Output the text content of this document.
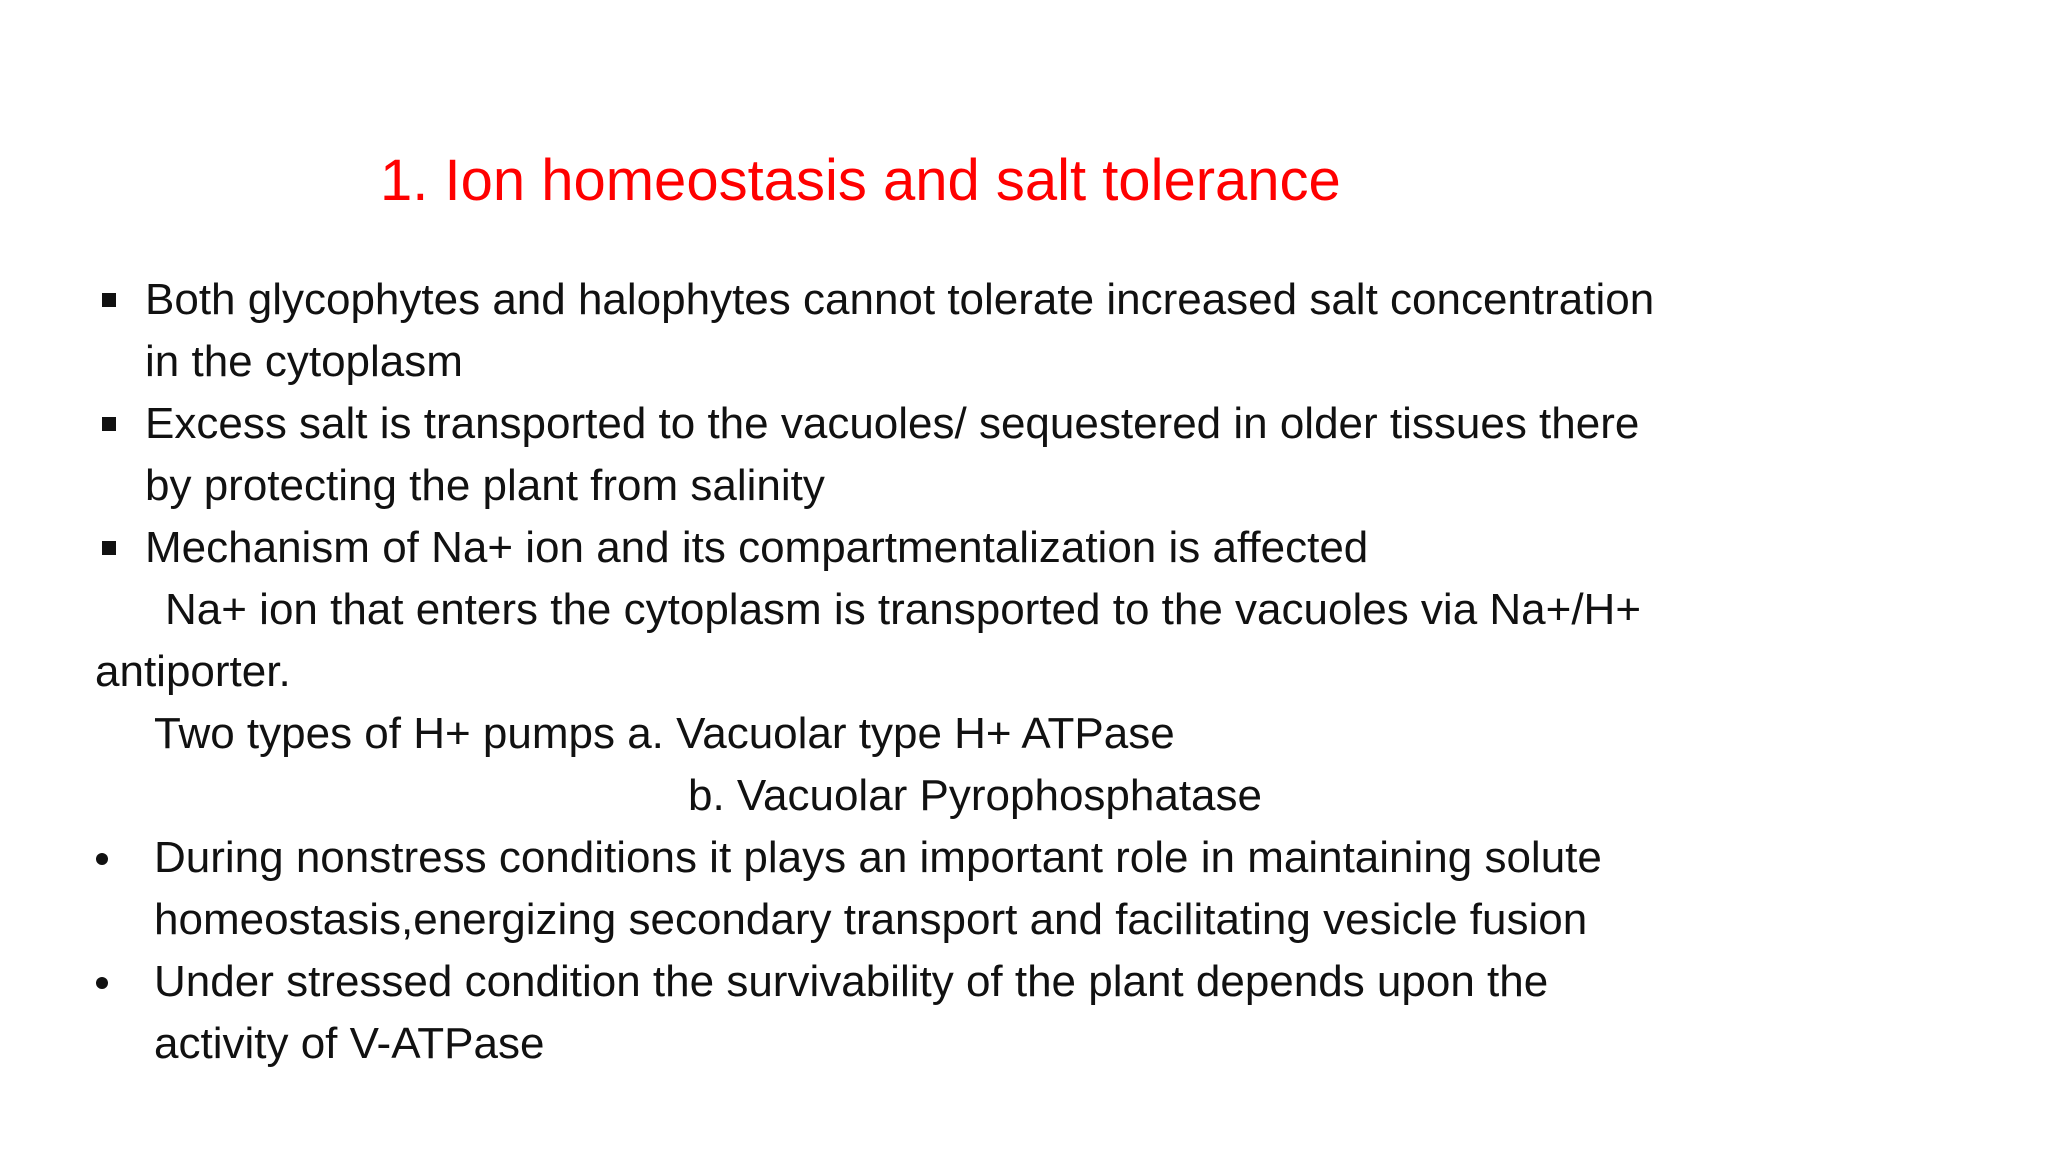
1. Ion homeostasis and salt tolerance
Both glycophytes and halophytes cannot tolerate increased salt concentration
in the cytoplasm
Excess salt is transported to the vacuoles/ sequestered in older tissues there
by protecting the plant from salinity
Mechanism of Na+ ion and its compartmentalization is affected
Na+ ion that enters the cytoplasm is transported to the vacuoles via Na+/H+
antiporter.
Two types of H+ pumps a. Vacuolar type H+ ATPase
b. Vacuolar Pyrophosphatase
During nonstress conditions it plays an important role in maintaining solute
homeostasis,energizing secondary transport and facilitating vesicle fusion
Under stressed condition the survivability of the plant depends upon the
activity of V-ATPase
